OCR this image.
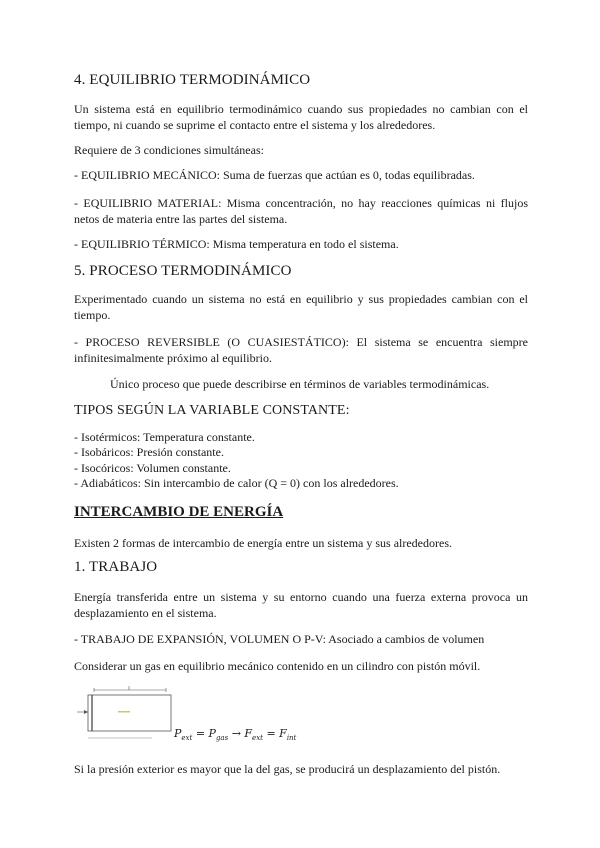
4. EQUILIBRIO TERMODINÁMICO
Un sistema está en equilibrio termodinámico cuando sus propiedades no cambian con el tiempo, ni cuando se suprime el contacto entre el sistema y los alrededores.
Requiere de 3 condiciones simultáneas:
- EQUILIBRIO MECÁNICO: Suma de fuerzas que actúan es 0, todas equilibradas.
- EQUILIBRIO MATERIAL: Misma concentración, no hay reacciones químicas ni flujos netos de materia entre las partes del sistema.
- EQUILIBRIO TÉRMICO: Misma temperatura en todo el sistema.
5. PROCESO TERMODINÁMICO
Experimentado cuando un sistema no está en equilibrio y sus propiedades cambian con el tiempo.
- PROCESO REVERSIBLE (O CUASIESTÁTICO): El sistema se encuentra siempre infinitesimalmente próximo al equilibrio.
Único proceso que puede describirse en términos de variables termodinámicas.
TIPOS SEGÚN LA VARIABLE CONSTANTE:
- Isotérmicos: Temperatura constante.
- Isobáricos: Presión constante.
- Isocóricos: Volumen constante.
- Adiabáticos: Sin intercambio de calor (Q = 0) con los alrededores.
INTERCAMBIO DE ENERGÍA
Existen 2 formas de intercambio de energía entre un sistema y sus alrededores.
1. TRABAJO
Energía transferida entre un sistema y su entorno cuando una fuerza externa provoca un desplazamiento en el sistema.
- TRABAJO DE EXPANSIÓN, VOLUMEN O P-V: Asociado a cambios de volumen
Considerar un gas en equilibrio mecánico contenido en un cilindro con pistón móvil.
Si la presión exterior es mayor que la del gas, se producirá un desplazamiento del pistón.
$P_{ext} = P_{gas} \to F_{ext} = F_{int}$
